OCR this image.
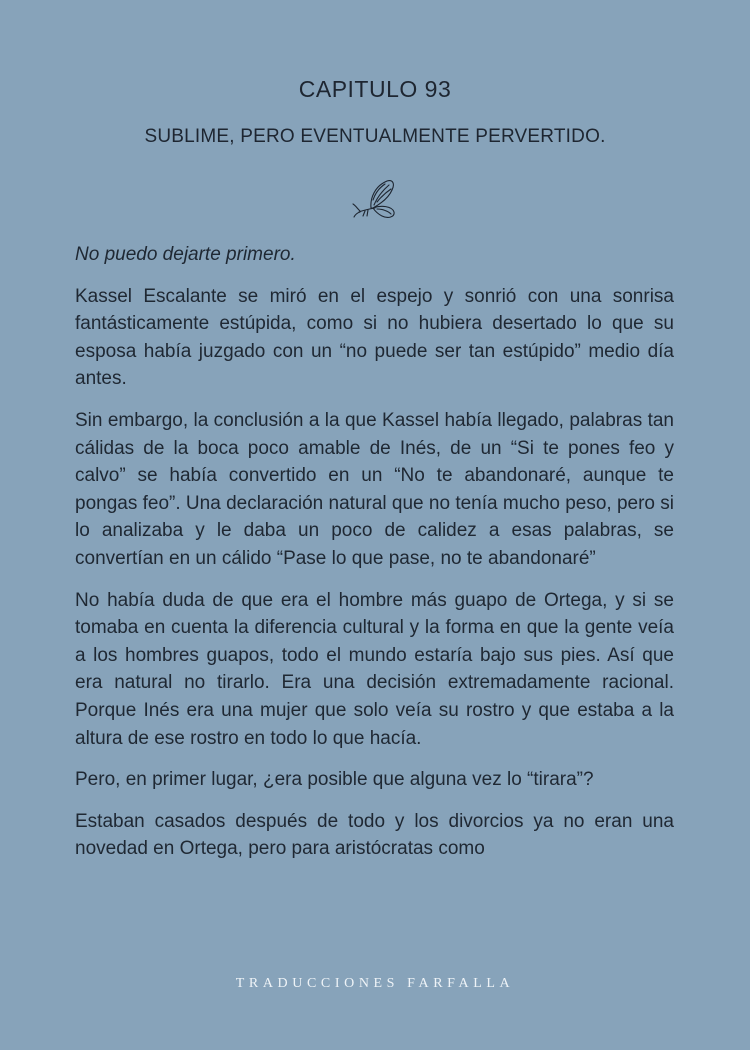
CAPITULO 93
SUBLIME, PERO EVENTUALMENTE PERVERTIDO.

No puedo dejarte primero.

Kassel Escalante se miró en el espejo y sonrió con una sonrisa fantásticamente estúpida, como si no hubiera desertado lo que su esposa había juzgado con un “no puede ser tan estúpido” medio día antes.

Sin embargo, la conclusión a la que Kassel había llegado, palabras tan cálidas de la boca poco amable de Inés, de un “Si te pones feo y calvo” se había convertido en un “No te abandonaré, aunque te pongas feo”. Una declaración natural que no tenía mucho peso, pero si lo analizaba y le daba un poco de calidez a esas palabras, se convertían en un cálido “Pase lo que pase, no te abandonaré”

No había duda de que era el hombre más guapo de Ortega, y si se tomaba en cuenta la diferencia cultural y la forma en que la gente veía a los hombres guapos, todo el mundo estaría bajo sus pies. Así que era natural no tirarlo. Era una decisión extremadamente racional. Porque Inés era una mujer que solo veía su rostro y que estaba a la altura de ese rostro en todo lo que hacía.

Pero, en primer lugar, ¿era posible que alguna vez lo “tirara”?

Estaban casados después de todo y los divorcios ya no eran una novedad en Ortega, pero para aristócratas como

TRADUCCIONES FARFALLA
